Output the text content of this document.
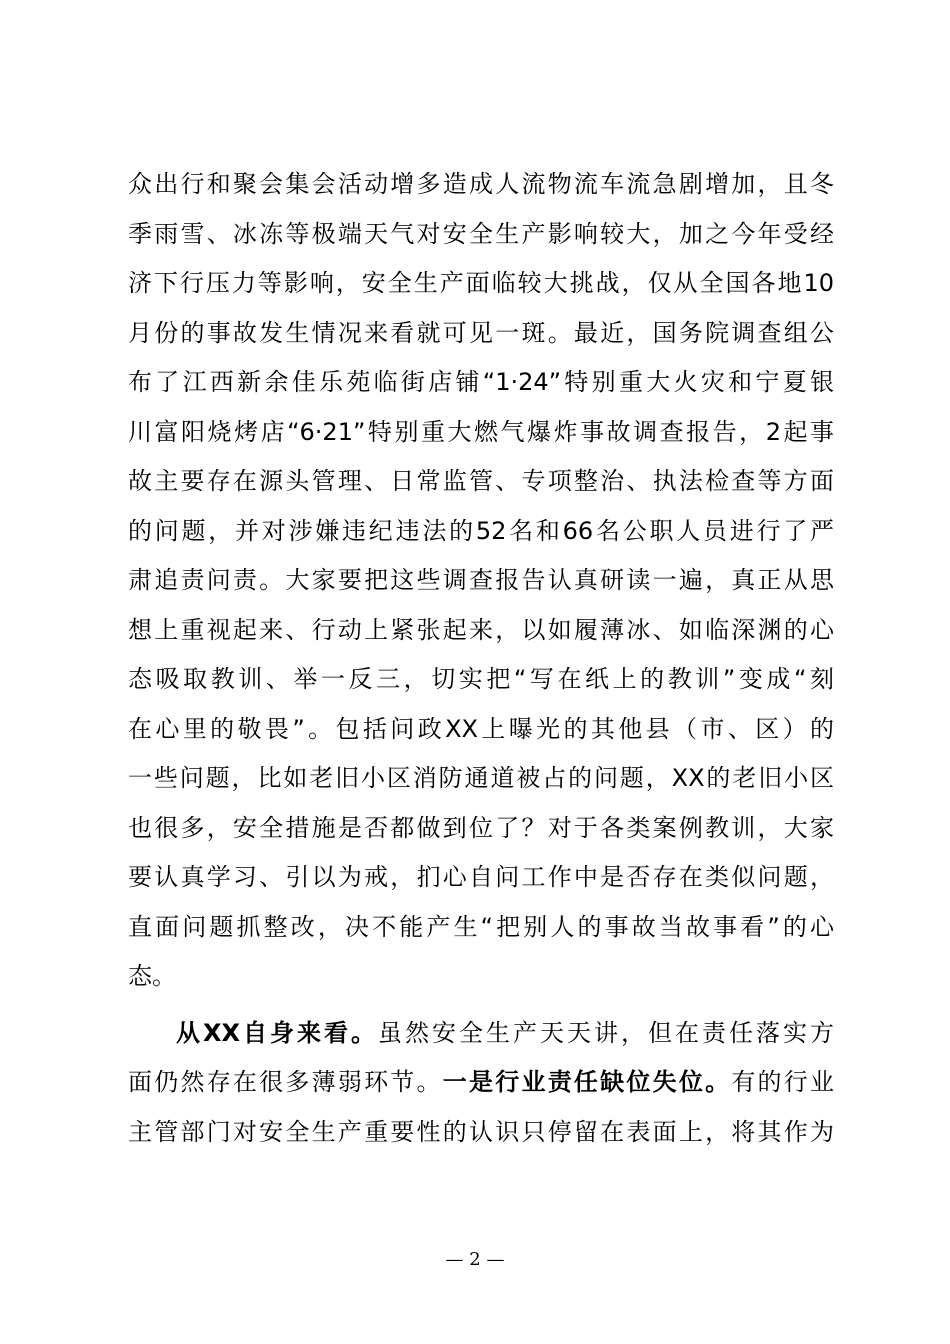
众出行和聚会集会活动增多造成人流物流车流急剧增加，且冬
季雨雪、冰冻等极端天气对安全生产影响较大，加之今年受经
济下行压力等影响，安全生产面临较大挑战，仅从全国各地10
月份的事故发生情况来看就可见一斑。最近，国务院调查组公
布了江西新余佳乐苑临街店铺“1·24”特别重大火灾和宁夏银
川富阳烧烤店“6·21”特别重大燃气爆炸事故调查报告，2起事
故主要存在源头管理、日常监管、专项整治、执法检查等方面
的问题，并对涉嫌违纪违法的52名和66名公职人员进行了严
肃追责问责。大家要把这些调查报告认真研读一遍，真正从思
想上重视起来、行动上紧张起来，以如履薄冰、如临深渊的心
态吸取教训、举一反三，切实把“写在纸上的教训”变成“刻
在心里的敬畏”。包括问政XX上曝光的其他县（市、区）的
一些问题，比如老旧小区消防通道被占的问题，XX的老旧小区
也很多，安全措施是否都做到位了？对于各类案例教训，大家
要认真学习、引以为戒，扪心自问工作中是否存在类似问题，
直面问题抓整改，决不能产生“把别人的事故当故事看”的心
态。
从XX自身来看。虽然安全生产天天讲，但在责任落实方
面仍然存在很多薄弱环节。一是行业责任缺位失位。有的行业
主管部门对安全生产重要性的认识只停留在表面上，将其作为
— 2 —
